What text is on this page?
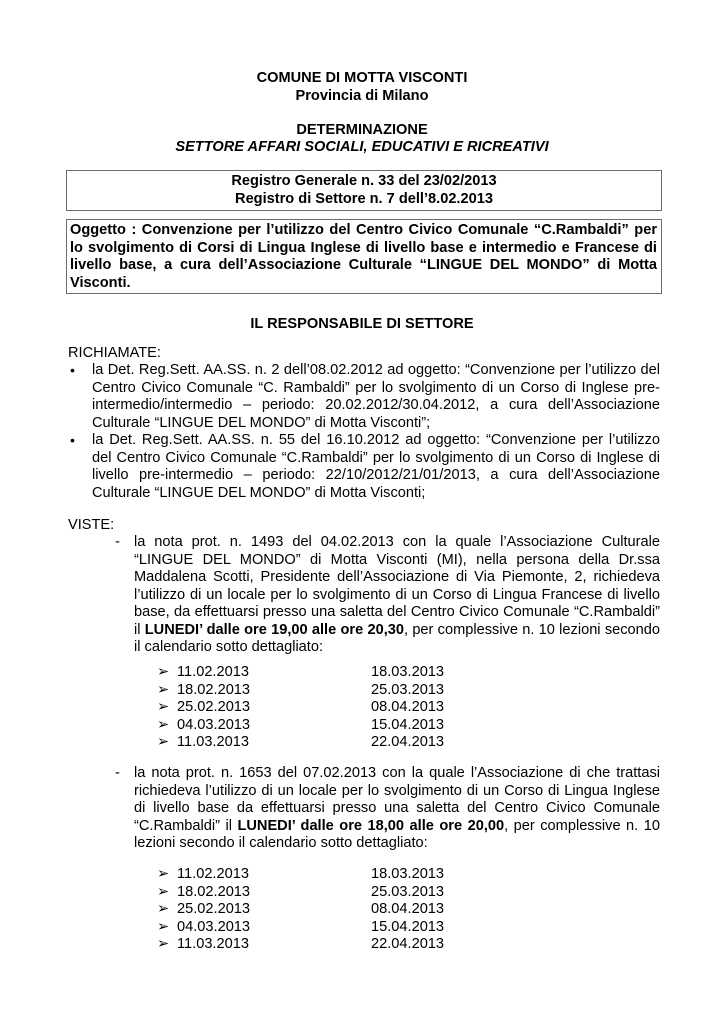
COMUNE DI MOTTA VISCONTI
Provincia di Milano
DETERMINAZIONE
SETTORE AFFARI SOCIALI, EDUCATIVI E RICREATIVI
Registro Generale n. 33 del 23/02/2013
Registro di Settore n. 7 dell’8.02.2013

Oggetto : Convenzione per l’utilizzo del Centro Civico Comunale “C.Rambaldi” per lo svolgimento di Corsi di Lingua Inglese di livello base e intermedio e Francese di livello base, a cura dell’Associazione Culturale “LINGUE DEL MONDO” di Motta Visconti.

IL RESPONSABILE DI SETTORE
RICHIAMATE:
• la Det. Reg.Sett. AA.SS. n. 2 dell’08.02.2012 ad oggetto: “Convenzione per l’utilizzo del Centro Civico Comunale “C. Rambaldi” per lo svolgimento di un Corso di Inglese pre-intermedio/intermedio – periodo: 20.02.2012/30.04.2012, a cura dell’Associazione Culturale “LINGUE DEL MONDO” di Motta Visconti”;
• la Det. Reg.Sett. AA.SS. n. 55 del 16.10.2012 ad oggetto: “Convenzione per l’utilizzo del Centro Civico Comunale “C.Rambaldi” per lo svolgimento di un Corso di Inglese di livello pre-intermedio – periodo: 22/10/2012/21/01/2013, a cura dell’Associazione Culturale “LINGUE DEL MONDO” di Motta Visconti;
VISTE:
- la nota prot. n. 1493 del 04.02.2013 con la quale l’Associazione Culturale “LINGUE DEL MONDO” di Motta Visconti (MI), nella persona della Dr.ssa Maddalena Scotti, Presidente dell’Associazione di Via Piemonte, 2, richiedeva l’utilizzo di un locale per lo svolgimento di un Corso di Lingua Francese di livello base, da effettuarsi presso una saletta del Centro Civico Comunale “C.Rambaldi” il LUNEDI’ dalle ore 19,00 alle ore 20,30, per complessive n. 10 lezioni secondo il calendario sotto dettagliato:
➢ 11.02.2013	18.03.2013
➢ 18.02.2013	25.03.2013
➢ 25.02.2013	08.04.2013
➢ 04.03.2013	15.04.2013
➢ 11.03.2013	22.04.2013
- la nota prot. n. 1653 del 07.02.2013 con la quale l’Associazione di che trattasi richiedeva l’utilizzo di un locale per lo svolgimento di un Corso di Lingua Inglese di livello base da effettuarsi presso una saletta del Centro Civico Comunale “C.Rambaldi” il LUNEDI’ dalle ore 18,00 alle ore 20,00, per complessive n. 10 lezioni secondo il calendario sotto dettagliato:
➢ 11.02.2013	18.03.2013
➢ 18.02.2013	25.03.2013
➢ 25.02.2013	08.04.2013
➢ 04.03.2013	15.04.2013
➢ 11.03.2013	22.04.2013
